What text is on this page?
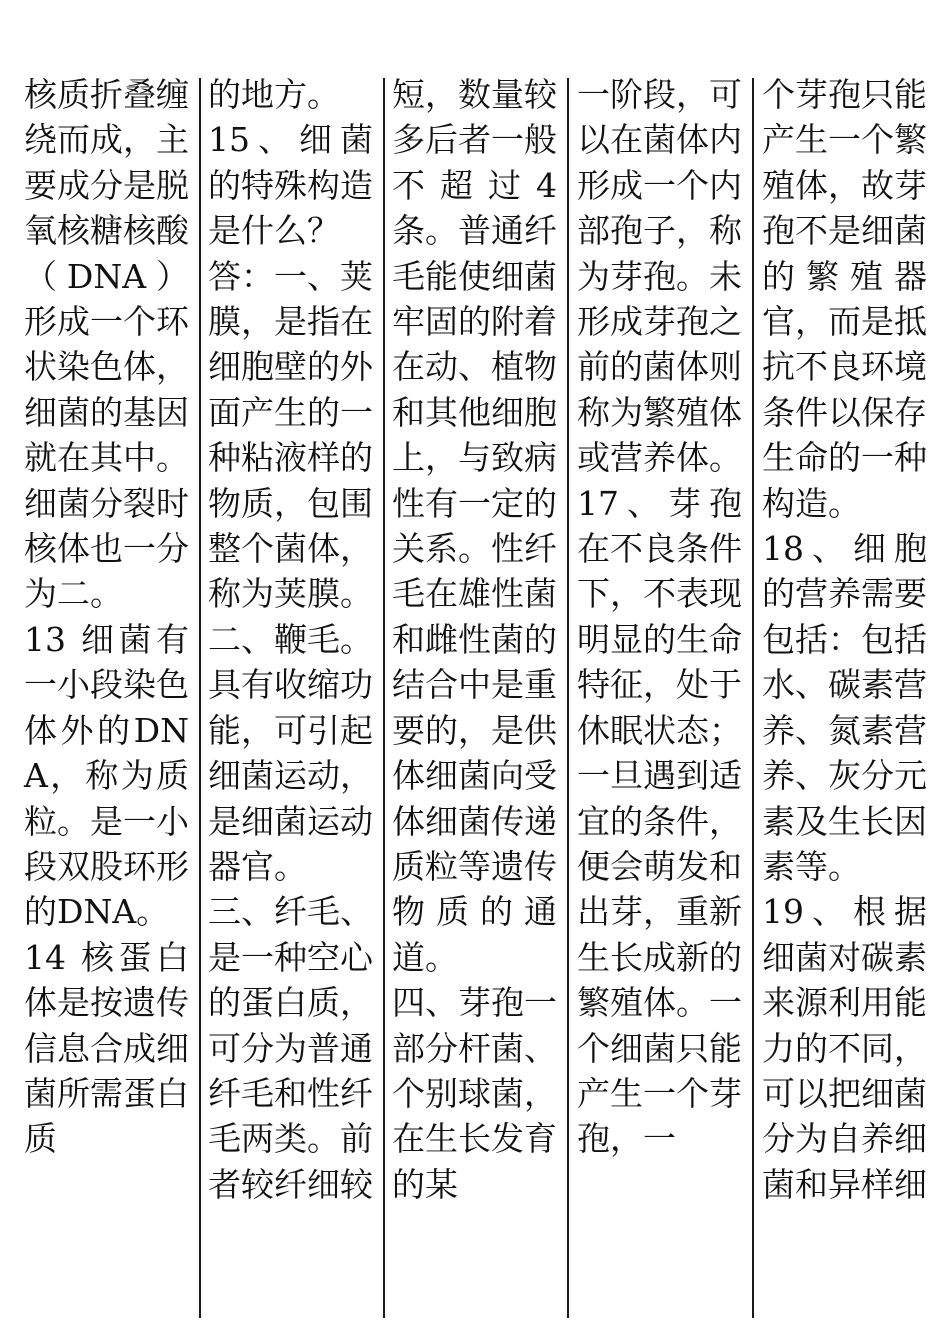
核质折叠缠绕而成，主要成分是脱氧核糖核酸（DNA）形成一个环状染色体，细菌的基因就在其中。细菌分裂时核体也一分为二。

13 细菌有一小段染色体外的DNA，称为质粒。是一小段双股环形的DNA。

14 核蛋白体是按遗传信息合成细菌所需蛋白质

的地方。

15、细菌的特殊构造是什么？

答：一、荚膜，是指在细胞壁的外面产生的一种粘液样的物质，包围整个菌体，称为荚膜。

二、鞭毛。具有收缩功能，可引起细菌运动，是细菌运动器官。

三、纤毛、是一种空心的蛋白质，可分为普通纤毛和性纤毛两类。前者较纤细较

短，数量较多后者一般不超过4条。普通纤毛能使细菌牢固的附着在动、植物和其他细胞上，与致病性有一定的关系。性纤毛在雄性菌和雌性菌的结合中是重要的，是供体细菌向受体细菌传递质粒等遗传物质的通道。

四、芽孢一部分杆菌、个别球菌，在生长发育的某

一阶段，可以在菌体内形成一个内部孢子，称为芽孢。未形成芽孢之前的菌体则称为繁殖体或营养体。

17、芽孢在不良条件下，不表现明显的生命特征，处于休眠状态；一旦遇到适宜的条件，便会萌发和出芽，重新生长成新的繁殖体。一个细菌只能产生一个芽孢，一

个芽孢只能产生一个繁殖体，故芽孢不是细菌的繁殖器官，而是抵抗不良环境条件以保存生命的一种构造。

18、细胞的营养需要包括：包括水、碳素营养、氮素营养、灰分元素及生长因素等。

19、根据细菌对碳素来源利用能力的不同，可以把细菌分为自养细菌和异样细
